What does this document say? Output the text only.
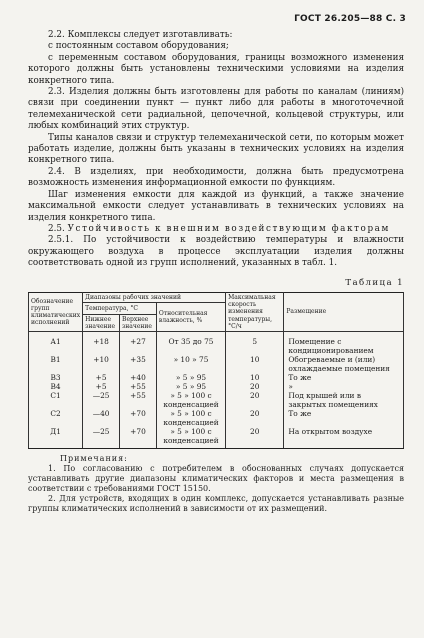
ГОСТ 26.205—88 С. 3

2.2. Комплексы следует изготавливать:

с постоянным составом оборудования;

с переменным составом оборудования, границы возможного изменения которого должны быть установлены техническими условиями на изделия конкретного типа.

2.3. Изделия должны быть изготовлены для работы по каналам (линиям) связи при соединении пункт — пункт либо для работы в многоточечной телемеханической сети радиальной, цепочечной, кольцевой структуры, или любых комбинаций этих структур.

Типы каналов связи и структур телемеханической сети, по которым может работать изделие, должны быть указаны в технических условиях на изделия конкретного типа.

2.4. В изделиях, при необходимости, должна быть предусмотрена возможность изменения информационной емкости по функциям.

Шаг изменения емкости для каждой из функций, а также значение максимальной емкости следует устанавливать в технических условиях на изделия конкретного типа.

2.5. Устойчивость к внешним воздействующим факторам

2.5.1. По устойчивости к воздействию температуры и влажности окружающего воздуха в процессе эксплуатации изделия должны соответствовать одной из групп исполнений, указанных в табл. 1.

Таблица 1
Обозначение групп климатических исполнений	Диапазоны рабочих значений			Максимальная скорость изменения температуры, °С/ч	Размещение
	Температура, °С		Относительная влажность, %		
	Нижнее значение	Верхнее значение			
А1	+18	+27	От 35 до 75	5	Помещение с кондиционированием
В1	+10	+35	» 10 » 75	10	Обогреваемые и (или) охлаждаемые помещения
В3	+5	+40	» 5 » 95	10	То же
В4	+5	+55	» 5 » 95	20	»
С1	—25	+55	» 5 » 100 с конденсацией	20	Под крышей или в закрытых помещениях
С2	—40	+70	» 5 » 100 с конденсацией	20	То же
Д1	—25	+70	» 5 » 100 с конденсацией	20	На открытом воздухе

Примечания:

1. По согласованию с потребителем в обоснованных случаях допускается устанавливать другие диапазоны климатических факторов и места размещения в соответствии с требованиями ГОСТ 15150.

2. Для устройств, входящих в один комплекс, допускается устанавливать разные группы климатических исполнений в зависимости от их размещений.
